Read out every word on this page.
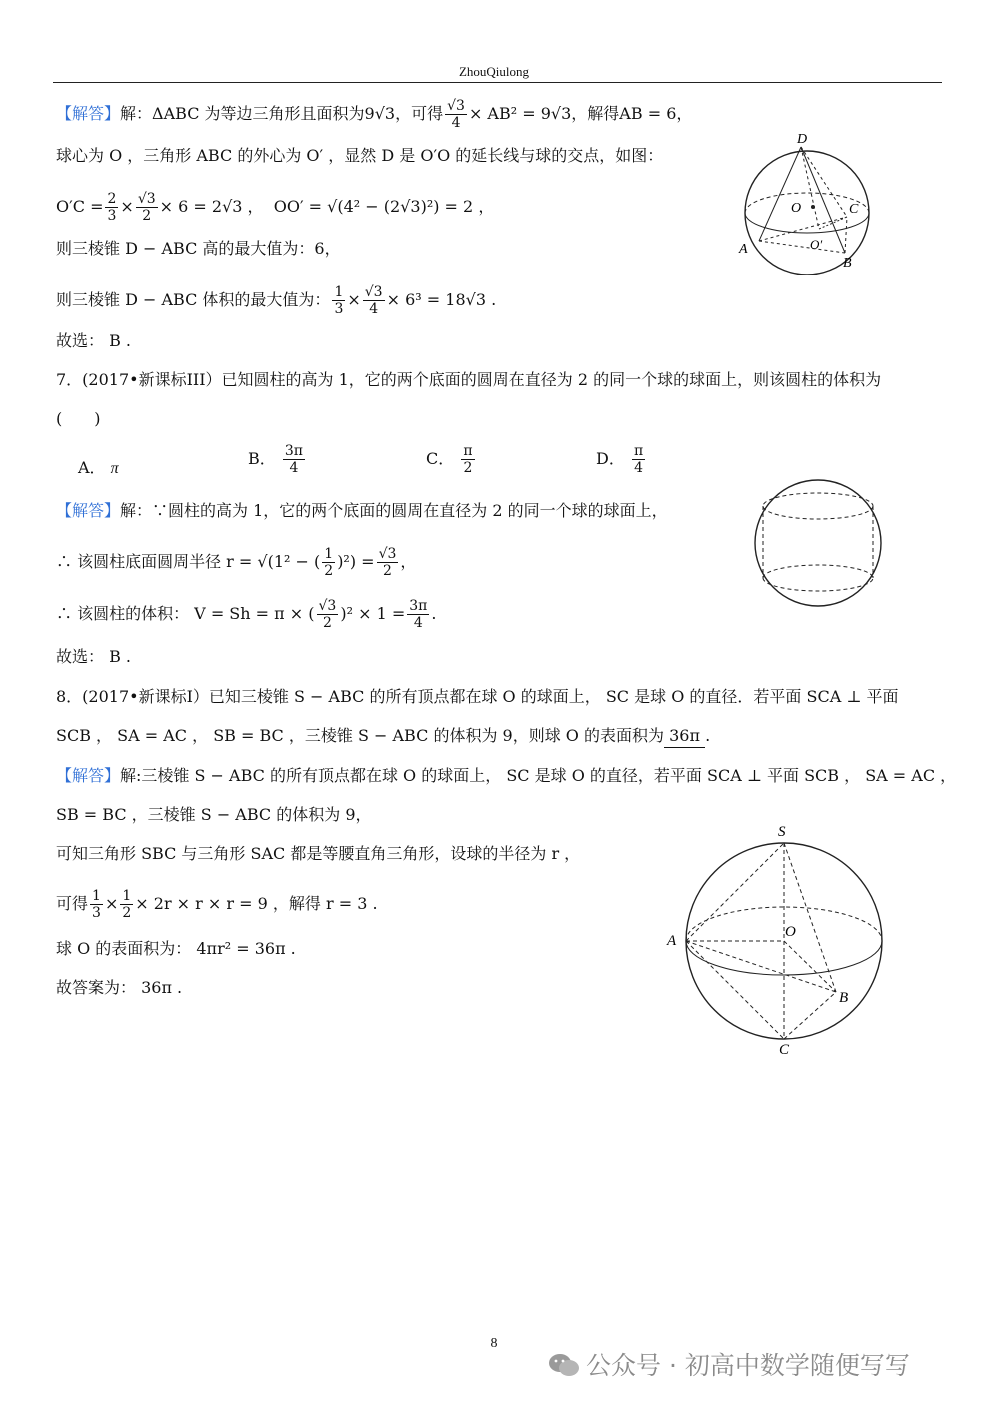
ZhouQiulong
【解答】解：ΔABC 为等边三角形且面积为9√3，可得 $\frac{√3}{4} \times AB^2 = 9√3$，解得AB = 6，
球心为 O ，三角形 ABC 的外心为 O′ ，显然 D 是 O′O 的延长线与球的交点，如图：
$O'C = \frac{2}{3} \times \frac{√3}{2} \times 6 = 2√3$ ， OO′ = √(4² − (2√3)²) = 2 ，
则三棱锥 D − ABC 高的最大值为：6，
则三棱锥 D − ABC 体积的最大值为： $\frac{1}{3} \times \frac{√3}{4} \times 6^3 = 18√3$ .
故选： B .
D
O	C
O′
A
B
7．(2017•新课标III）已知圆柱的高为 1，它的两个底面的圆周在直径为 2 的同一个球的球面上，则该圆柱的体积为
(　　)
A． π
B． $\frac{3\pi}{4}$	C． $\frac{\pi}{2}$	D． $\frac{\pi}{4}$
【解答】解：∵圆柱的高为 1，它的两个底面的圆周在直径为 2 的同一个球的球面上，
∴ 该圆柱底面圆周半径 r = √(1² − ( $\frac{1}{2} )^2) = \frac{√3}{2}$ ，
∴ 该圆柱的体积： V = Sh = π × ( $\frac{√3}{2} )^2 \times 1 = \frac{3\pi}{4}$ .
故选： B .
8．(2017•新课标Ⅰ）已知三棱锥 S − ABC 的所有顶点都在球 O 的球面上， SC 是球 O 的直径．若平面 SCA ⊥ 平面
SCB ， SA = AC ， SB = BC ，三棱锥 S − ABC 的体积为 9，则球 O 的表面积为 36π .
【解答】解:三棱锥 S − ABC 的所有顶点都在球 O 的球面上， SC 是球 O 的直径，若平面 SCA ⊥ 平面 SCB ， SA = AC ，
SB = BC ，三棱锥 S − ABC 的体积为 9，
可知三角形 SBC 与三角形 SAC 都是等腰直角三角形，设球的半径为 r ，
可得 $\frac{1}{3} \times \frac{1}{2} \times 2r \times r \times r = 9$ ，解得 r = 3 .
球 O 的表面积为： 4πr² = 36π .
故答案为： 36π .
S
O
A
B
C
8
公众号 · 初高中数学随便写写
